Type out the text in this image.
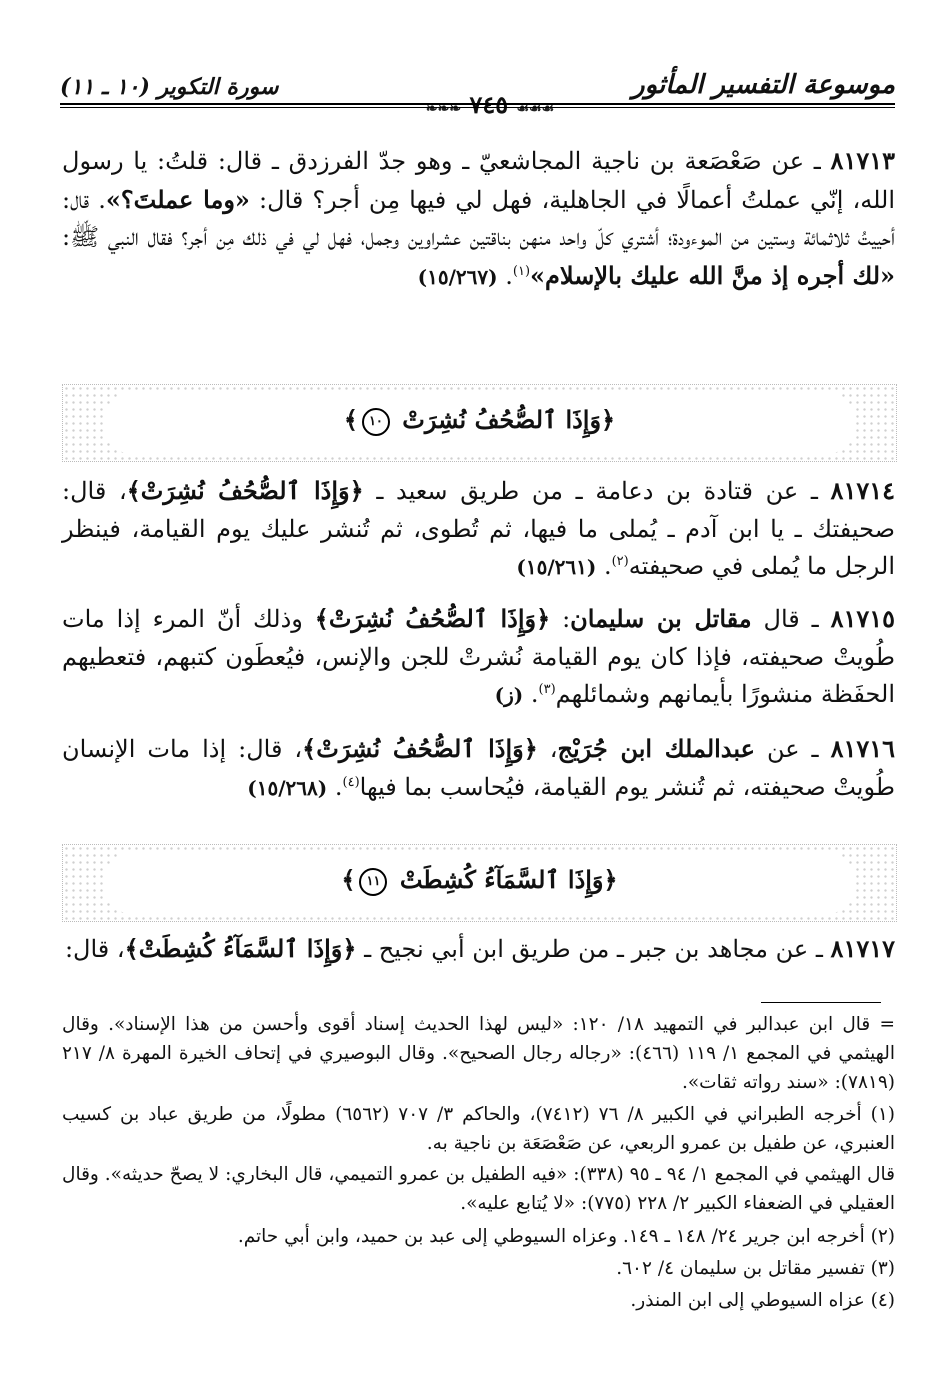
موسوعة التفسير المأثور
❧❧❧ ٧٤٥ ☙☙☙
سورة التكوير (١٠ ـ ١١)
٨١٧١٣ ـ عن صَعْصَعة بن ناجية المجاشعيّ ـ وهو جدّ الفرزدق ـ قال: قلتُ: يا رسول الله، إنّي عملتُ أعمالًا في الجاهلية، فهل لي فيها مِن أجر؟ قال: «وما عملتَ؟». قال: أحييتُ ثلاثمائة وستين من الموءودة؛ أشتري كلّ واحد منهن بناقتين عشراوين وجمل، فهل لي في ذلك مِن أجر؟ فقال النبي ﷺ: «لك أجره إذ منَّ الله عليك بالإسلام»$^{(١)}$. (١٥/٢٦٧)
﴿وَإِذَا ٱلصُّحُفُ نُشِرَتْ ١٠﴾
٨١٧١٤ ـ عن قتادة بن دعامة ـ من طريق سعيد ـ ﴿وَإِذَا ٱلصُّحُفُ نُشِرَتْ﴾، قال: صحيفتك ـ يا ابن آدم ـ يُملى ما فيها، ثم تُطوى، ثم تُنشر عليك يوم القيامة، فينظر الرجل ما يُملى في صحيفته$^{(٢)}$. (١٥/٢٦١)
٨١٧١٥ ـ قال مقاتل بن سليمان: ﴿وَإِذَا ٱلصُّحُفُ نُشِرَتْ﴾ وذلك أنّ المرء إذا مات طُويتْ صحيفته، فإذا كان يوم القيامة نُشرتْ للجن والإنس، فيُعطَون كتبهم، فتعطيهم الحفَظة منشورًا بأيمانهم وشمائلهم$^{(٣)}$. (ز)
٨١٧١٦ ـ عن عبدالملك ابن جُرَيْج، ﴿وَإِذَا ٱلصُّحُفُ نُشِرَتْ﴾، قال: إذا مات الإنسان طُويتْ صحيفته، ثم تُنشر يوم القيامة، فيُحاسب بما فيها$^{(٤)}$. (١٥/٢٦٨)
﴿وَإِذَا ٱلسَّمَآءُ كُشِطَتْ ١١﴾
٨١٧١٧ ـ عن مجاهد بن جبر ـ من طريق ابن أبي نجيح ـ ﴿وَإِذَا ٱلسَّمَآءُ كُشِطَتْ﴾، قال:
= قال ابن عبدالبر في التمهيد ١٨/ ١٢٠: «ليس لهذا الحديث إسناد أقوى وأحسن من هذا الإسناد». وقال الهيثمي في المجمع ١/ ١١٩ (٤٦٦): «رجاله رجال الصحيح». وقال البوصيري في إتحاف الخيرة المهرة ٨/ ٢١٧ (٧٨١٩): «سند رواته ثقات».
(١) أخرجه الطبراني في الكبير ٨/ ٧٦ (٧٤١٢)، والحاكم ٣/ ٧٠٧ (٦٥٦٢) مطولًا، من طريق عباد بن كسيب العنبري، عن طفيل بن عمرو الربعي، عن صَعْصَعَة بن ناجية به.
قال الهيثمي في المجمع ١/ ٩٤ ـ ٩٥ (٣٣٨): «فيه الطفيل بن عمرو التميمي، قال البخاري: لا يصحّ حديثه». وقال العقيلي في الضعفاء الكبير ٢/ ٢٢٨ (٧٧٥): «لا يُتابع عليه».
(٢) أخرجه ابن جرير ٢٤/ ١٤٨ ـ ١٤٩. وعزاه السيوطي إلى عبد بن حميد، وابن أبي حاتم.
(٣) تفسير مقاتل بن سليمان ٤/ ٦٠٢.
(٤) عزاه السيوطي إلى ابن المنذر.
